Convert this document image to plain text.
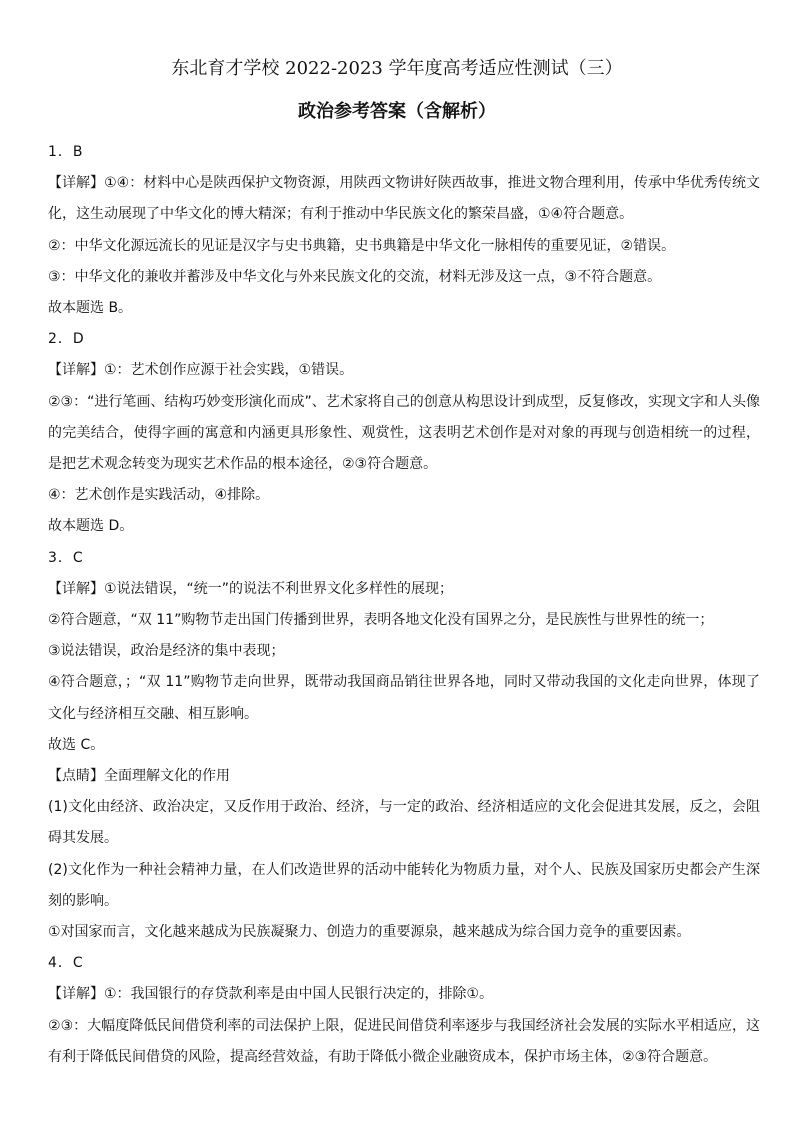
东北育才学校 2022-2023 学年度高考适应性测试（三）
政治参考答案（含解析）

1．B

【详解】①④：材料中心是陕西保护文物资源，用陕西文物讲好陕西故事，推进文物合理利用，传承中华优秀传统文化，这生动展现了中华文化的博大精深；有利于推动中华民族文化的繁荣昌盛，①④符合题意。

②：中华文化源远流长的见证是汉字与史书典籍，史书典籍是中华文化一脉相传的重要见证，②错误。

③：中华文化的兼收并蓄涉及中华文化与外来民族文化的交流，材料无涉及这一点，③不符合题意。

故本题选 B。

2．D

【详解】①：艺术创作应源于社会实践，①错误。

②③：“进行笔画、结构巧妙变形演化而成”、艺术家将自己的创意从构思设计到成型，反复修改，实现文字和人头像的完美结合，使得字画的寓意和内涵更具形象性、观赏性，这表明艺术创作是对对象的再现与创造相统一的过程，是把艺术观念转变为现实艺术作品的根本途径，②③符合题意。

④：艺术创作是实践活动，④排除。

故本题选 D。

3．C

【详解】①说法错误，“统一”的说法不利世界文化多样性的展现；

②符合题意，“双 11”购物节走出国门传播到世界，表明各地文化没有国界之分，是民族性与世界性的统一；

③说法错误，政治是经济的集中表现；

④符合题意，；“双 11”购物节走向世界，既带动我国商品销往世界各地，同时又带动我国的文化走向世界，体现了文化与经济相互交融、相互影响。

故选 C。

【点睛】全面理解文化的作用

(1)文化由经济、政治决定，又反作用于政治、经济，与一定的政治、经济相适应的文化会促进其发展，反之，会阻碍其发展。

(2)文化作为一种社会精神力量，在人们改造世界的活动中能转化为物质力量，对个人、民族及国家历史都会产生深刻的影响。

①对国家而言，文化越来越成为民族凝聚力、创造力的重要源泉，越来越成为综合国力竞争的重要因素。

4．C

【详解】①：我国银行的存贷款利率是由中国人民银行决定的，排除①。

②③：大幅度降低民间借贷利率的司法保护上限，促进民间借贷利率逐步与我国经济社会发展的实际水平相适应，这有利于降低民间借贷的风险，提高经营效益，有助于降低小微企业融资成本，保护市场主体，②③符合题意。
